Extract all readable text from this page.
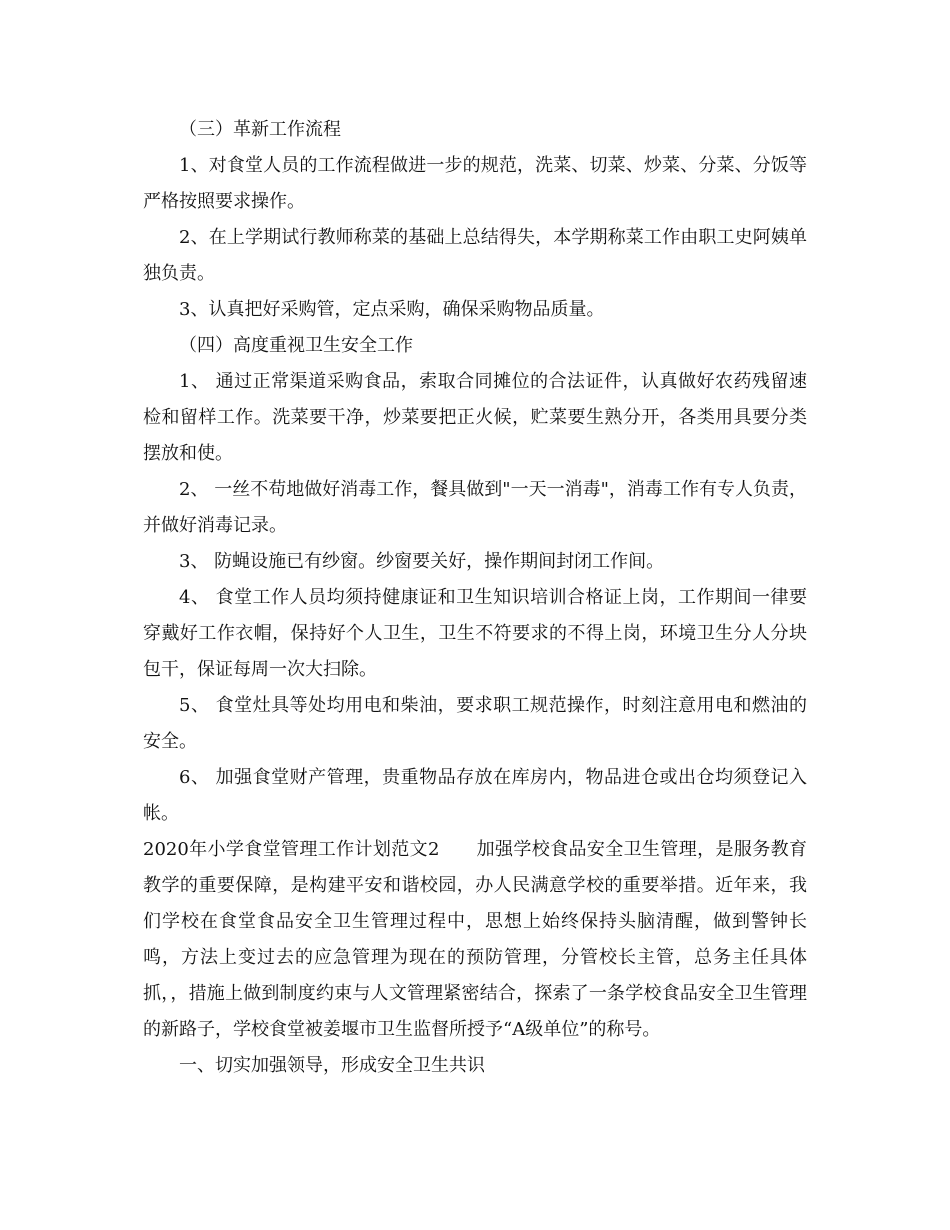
（三）革新工作流程

1、对食堂人员的工作流程做进一步的规范，洗菜、切菜、炒菜、分菜、分饭等严格按照要求操作。

2、在上学期试行教师称菜的基础上总结得失，本学期称菜工作由职工史阿姨单独负责。

3、认真把好采购管，定点采购，确保采购物品质量。

（四）高度重视卫生安全工作

1、 通过正常渠道采购食品，索取合同摊位的合法证件，认真做好农药残留速检和留样工作。洗菜要干净，炒菜要把正火候，贮菜要生熟分开，各类用具要分类摆放和使。

2、 一丝不苟地做好消毒工作，餐具做到"一天一消毒"，消毒工作有专人负责，并做好消毒记录。

3、 防蝇设施已有纱窗。纱窗要关好，操作期间封闭工作间。

4、 食堂工作人员均须持健康证和卫生知识培训合格证上岗，工作期间一律要穿戴好工作衣帽，保持好个人卫生，卫生不符要求的不得上岗，环境卫生分人分块包干，保证每周一次大扫除。

5、 食堂灶具等处均用电和柴油，要求职工规范操作，时刻注意用电和燃油的安全。

6、 加强食堂财产管理，贵重物品存放在库房内，物品进仓或出仓均须登记入帐。

2020年小学食堂管理工作计划范文2　　加强学校食品安全卫生管理，是服务教育教学的重要保障，是构建平安和谐校园，办人民满意学校的重要举措。近年来，我们学校在食堂食品安全卫生管理过程中，思想上始终保持头脑清醒，做到警钟长鸣，方法上变过去的应急管理为现在的预防管理，分管校长主管，总务主任具体抓，，措施上做到制度约束与人文管理紧密结合，探索了一条学校食品安全卫生管理的新路子，学校食堂被姜堰市卫生监督所授予“A级单位”的称号。

一、切实加强领导，形成安全卫生共识
